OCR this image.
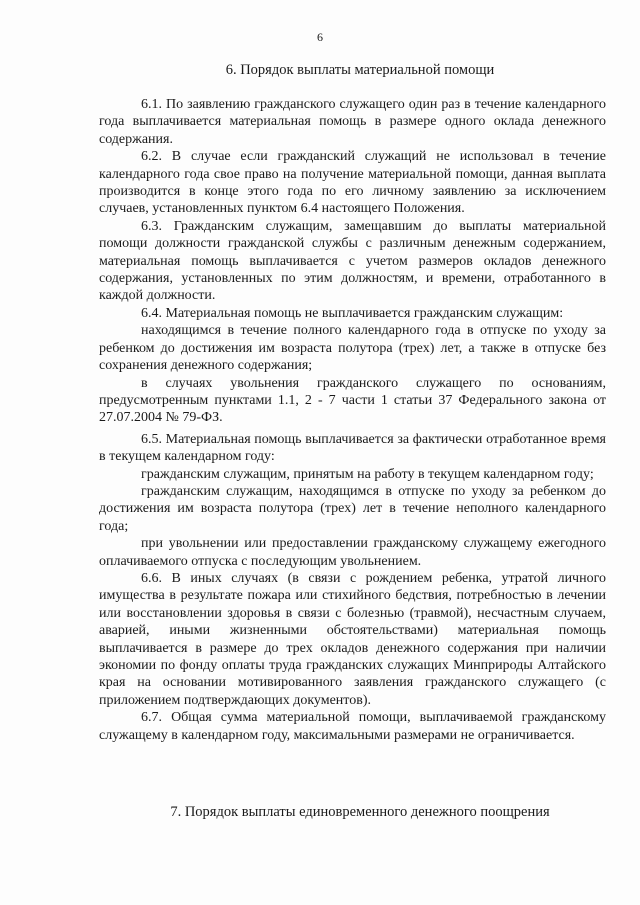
6
6. Порядок выплаты материальной помощи

6.1. По заявлению гражданского служащего один раз в течение календарного года выплачивается материальная помощь в размере одного оклада денежного содержания.

6.2. В случае если гражданский служащий не использовал в течение календарного года свое право на получение материальной помощи, данная выплата производится в конце этого года по его личному заявлению за исключением случаев, установленных пунктом 6.4 настоящего Положения.

6.3. Гражданским служащим, замещавшим до выплаты материальной помощи должности гражданской службы с различным денежным содержанием, материальная помощь выплачивается с учетом размеров окладов денежного содержания, установленных по этим должностям, и времени, отработанного в каждой должности.

6.4. Материальная помощь не выплачивается гражданским служащим:

находящимся в течение полного календарного года в отпуске по уходу за ребенком до достижения им возраста полутора (трех) лет, а также в отпуске без сохранения денежного содержания;

в случаях увольнения гражданского служащего по основаниям, предусмотренным пунктами 1.1, 2 - 7 части 1 статьи 37 Федерального закона от 27.07.2004 № 79-ФЗ.

6.5. Материальная помощь выплачивается за фактически отработанное время в текущем календарном году:

гражданским служащим, принятым на работу в текущем календарном году;

гражданским служащим, находящимся в отпуске по уходу за ребенком до достижения им возраста полутора (трех) лет в течение неполного календарного года;

при увольнении или предоставлении гражданскому служащему ежегодного оплачиваемого отпуска с последующим увольнением.

6.6. В иных случаях (в связи с рождением ребенка, утратой личного имущества в результате пожара или стихийного бедствия, потребностью в лечении или восстановлении здоровья в связи с болезнью (травмой), несчастным случаем, аварией, иными жизненными обстоятельствами) материальная помощь выплачивается в размере до трех окладов денежного содержания при наличии экономии по фонду оплаты труда гражданских служащих Минприроды Алтайского края на основании мотивированного заявления гражданского служащего (с приложением подтверждающих документов).

6.7. Общая сумма материальной помощи, выплачиваемой гражданскому служащему в календарном году, максимальными размерами не ограничивается.

7. Порядок выплаты единовременного денежного поощрения
